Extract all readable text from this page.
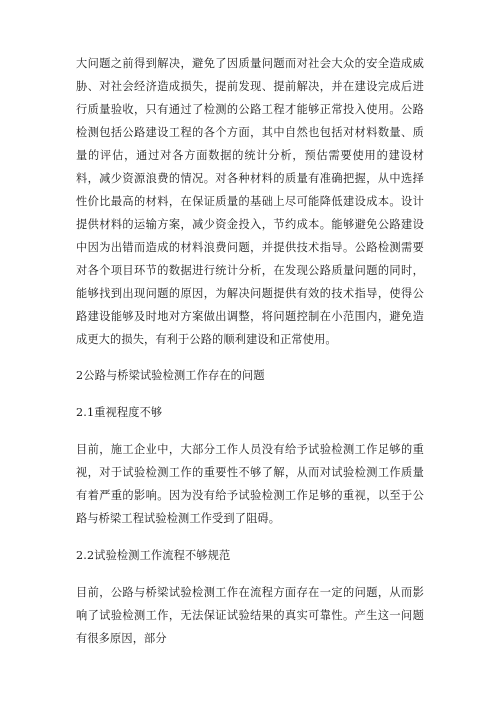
大问题之前得到解决，避免了因质量问题而对社会大众的安全造成威胁、对社会经济造成损失，提前发现、提前解决，并在建设完成后进行质量验收，只有通过了检测的公路工程才能够正常投入使用。公路检测包括公路建设工程的各个方面，其中自然也包括对材料数量、质量的评估，通过对各方面数据的统计分析，预估需要使用的建设材料，减少资源浪费的情况。对各种材料的质量有准确把握，从中选择性价比最高的材料，在保证质量的基础上尽可能降低建设成本。设计提供材料的运输方案，减少资金投入，节约成本。能够避免公路建设中因为出错而造成的材料浪费问题，并提供技术指导。公路检测需要对各个项目环节的数据进行统计分析，在发现公路质量问题的同时，能够找到出现问题的原因，为解决问题提供有效的技术指导，使得公路建设能够及时地对方案做出调整，将问题控制在小范围内，避免造成更大的损失，有利于公路的顺利建设和正常使用。

2公路与桥梁试验检测工作存在的问题

2.1重视程度不够

目前，施工企业中，大部分工作人员没有给予试验检测工作足够的重视，对于试验检测工作的重要性不够了解，从而对试验检测工作质量有着严重的影响。因为没有给予试验检测工作足够的重视，以至于公路与桥梁工程试验检测工作受到了阻碍。

2.2试验检测工作流程不够规范

目前，公路与桥梁试验检测工作在流程方面存在一定的问题，从而影响了试验检测工作，无法保证试验结果的真实可靠性。产生这一问题有很多原因，部分
